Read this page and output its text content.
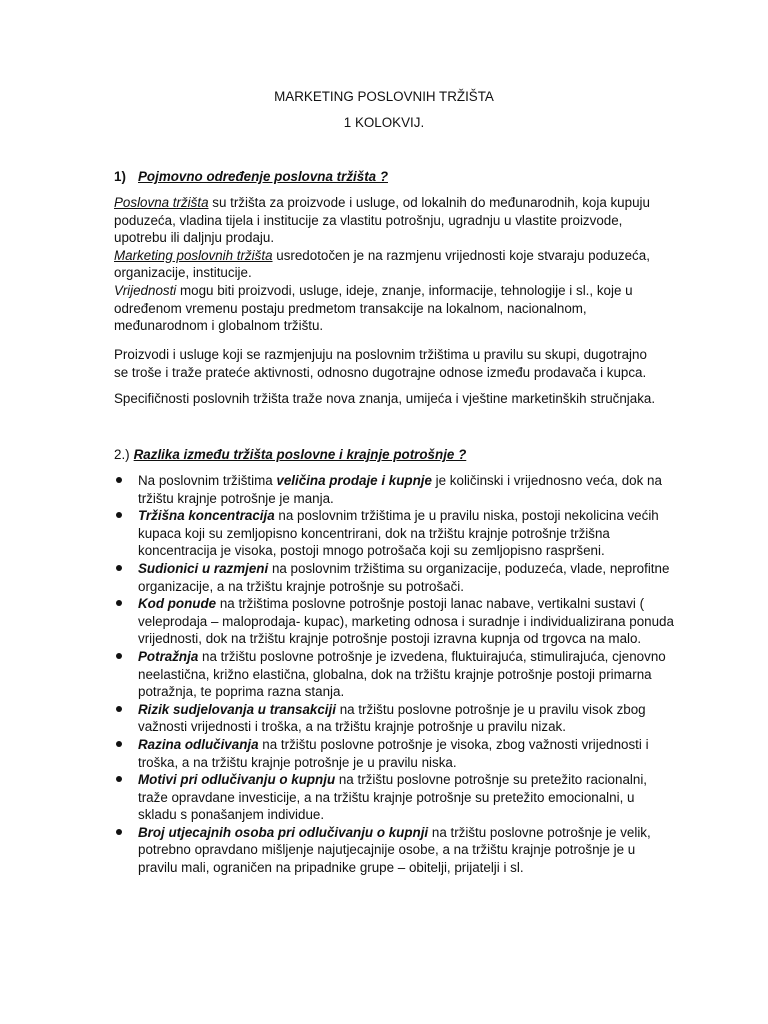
MARKETING POSLOVNIH TRŽIŠTA
1 KOLOKVIJ.
1) Pojmovno određenje poslovna tržišta ?
Poslovna tržišta su tržišta za proizvode i usluge, od lokalnih do međunarodnih, koja kupuju poduzeća, vladina tijela i institucije za vlastitu potrošnju, ugradnju u vlastite proizvode, upotrebu ili daljnju prodaju.
Marketing poslovnih tržišta usredotočen je na razmjenu vrijednosti koje stvaraju poduzeća, organizacije, institucije.
Vrijednosti mogu biti proizvodi, usluge, ideje, znanje, informacije, tehnologije i sl., koje u određenom vremenu postaju predmetom transakcije na lokalnom, nacionalnom, međunarodnom i globalnom tržištu.
Proizvodi i usluge koji se razmjenjuju na poslovnim tržištima u pravilu su skupi, dugotrajno se troše i traže prateće aktivnosti, odnosno dugotrajne odnose između prodavača i kupca.
Specifičnosti poslovnih tržišta traže nova znanja, umijeća i vještine marketinških stručnjaka.
2.) Razlika između tržišta poslovne i krajnje potrošnje ?
Na poslovnim tržištima veličina prodaje i kupnje je količinski i vrijednosno veća, dok na tržištu krajnje potrošnje je manja.
Tržišna koncentracija na poslovnim tržištima je u pravilu niska, postoji nekolicina većih kupaca koji su zemljopisno koncentrirani, dok na tržištu krajnje potrošnje tržišna koncentracija je visoka, postoji mnogo potrošača koji su zemljopisno raspršeni.
Sudionici u razmjeni na poslovnim tržištima su organizacije, poduzeća, vlade, neprofitne organizacije, a na tržištu krajnje potrošnje su potrošači.
Kod ponude na tržištima poslovne potrošnje postoji lanac nabave, vertikalni sustavi ( veleprodaja – maloprodaja- kupac), marketing odnosa i suradnje i individualizirana ponuda vrijednosti, dok na tržištu krajnje potrošnje postoji izravna kupnja od trgovca na malo.
Potražnja na tržištu poslovne potrošnje je izvedena, fluktuirajuća, stimulirajuća, cjenovno neelastična, križno elastična, globalna, dok na tržištu krajnje potrošnje postoji primarna potražnja, te poprima razna stanja.
Rizik sudjelovanja u transakciji na tržištu poslovne potrošnje je u pravilu visok zbog važnosti vrijednosti i troška, a na tržištu krajnje potrošnje u pravilu nizak.
Razina odlučivanja na tržištu poslovne potrošnje je visoka, zbog važnosti vrijednosti i troška, a na tržištu krajnje potrošnje je u pravilu niska.
Motivi pri odlučivanju o kupnju na tržištu poslovne potrošnje su pretežito racionalni, traže opravdane investicije, a na tržištu krajnje potrošnje su pretežito emocionalni, u skladu s ponašanjem individue.
Broj utjecajnih osoba pri odlučivanju o kupnji na tržištu poslovne potrošnje je velik, potrebno opravdano mišljenje najutjecajnije osobe, a na tržištu krajnje potrošnje je u pravilu mali, ograničen na pripadnike grupe – obitelji, prijatelji i sl.
